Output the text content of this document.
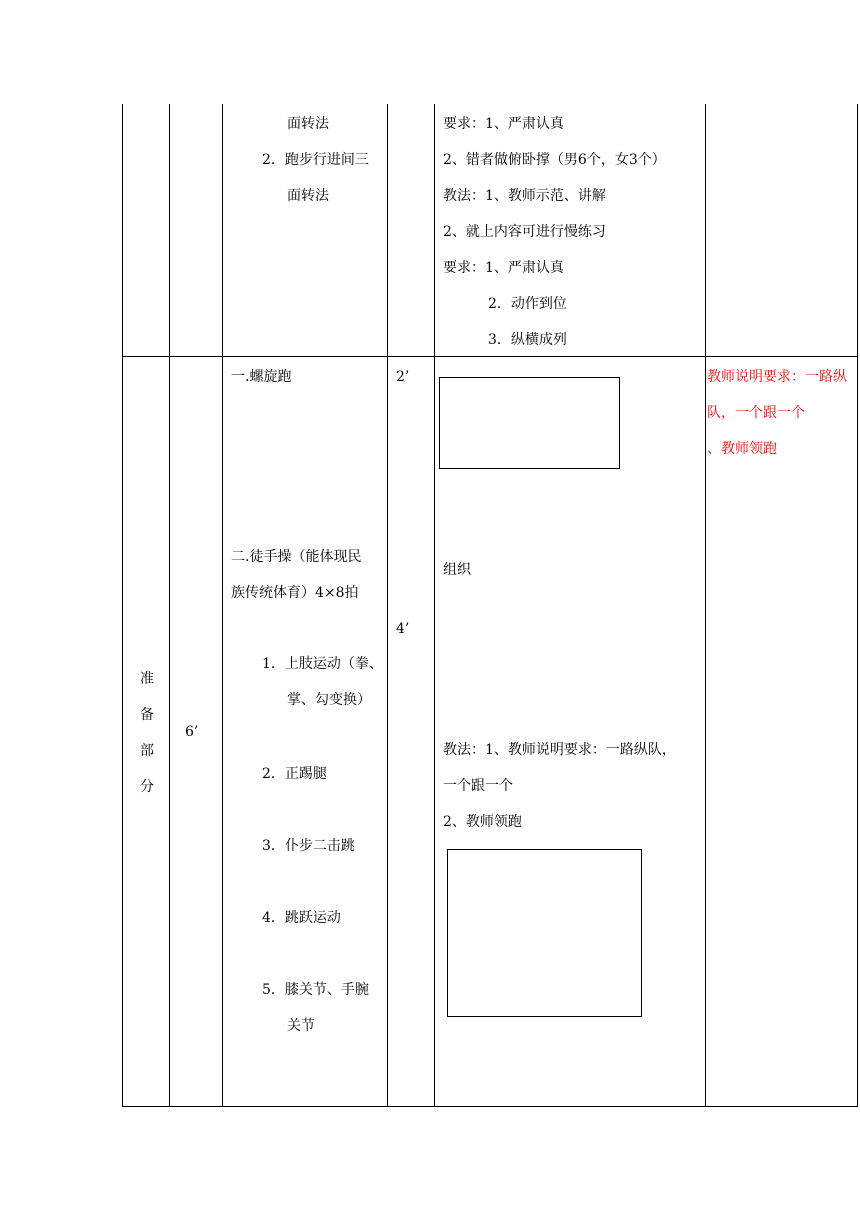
面转法
2．跑步行进间三
面转法
要求：1、严肃认真
2、错者做俯卧撑（男6个，女3个）
教法：1、教师示范、讲解
2、就上内容可进行慢练习
要求：1、严肃认真
2．动作到位
3．纵横成列
准
备
部
分
6’
一.螺旋跑
二.徒手操（能体现民
族传统体育）4×8拍
1．上肢运动（拳、
掌、勾变换）
2．正踢腿
3．仆步二击跳
4．跳跃运动
5．膝关节、手腕
关节
2’
4’
组织
教法：1、教师说明要求：一路纵队，
一个跟一个
2、教师领跑
教师说明要求：一路纵
队，一个跟一个
、教师领跑
